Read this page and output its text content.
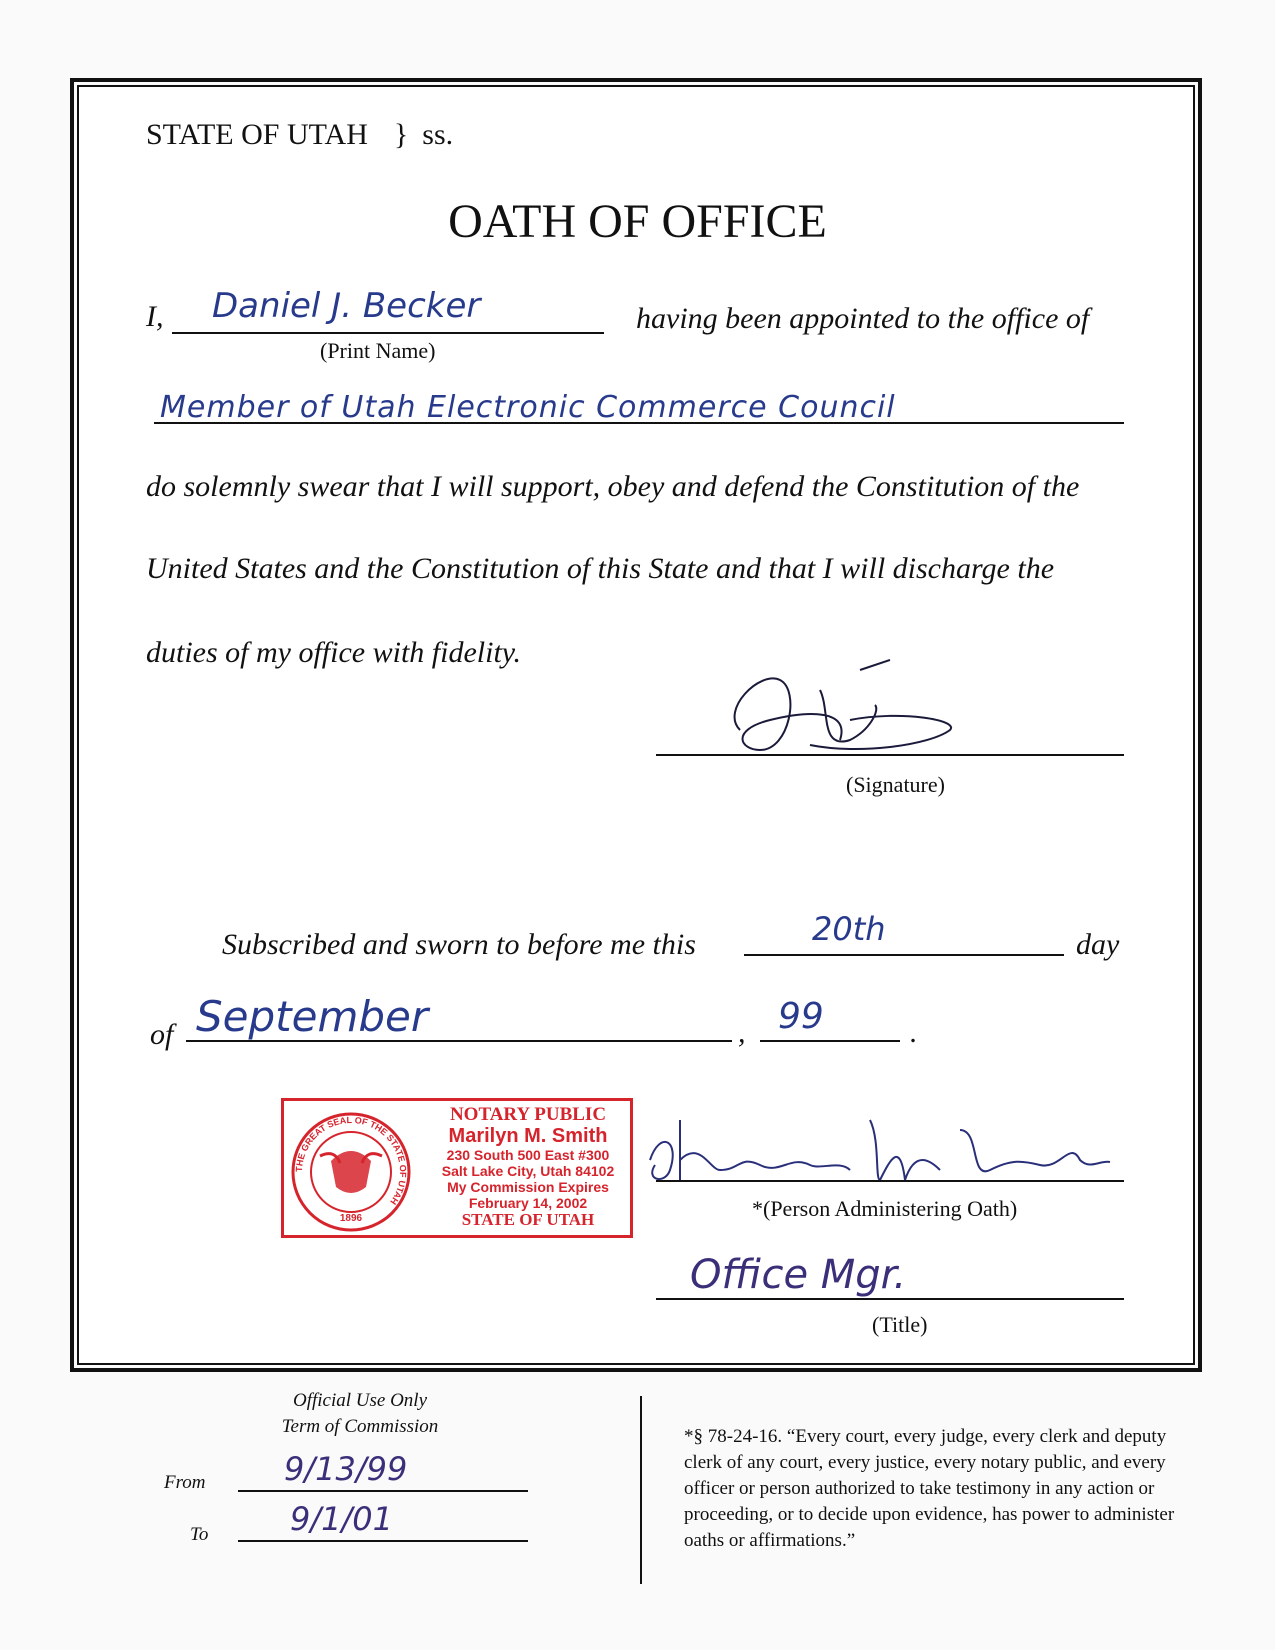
STATE OF UTAH } ss.
OATH OF OFFICE
I, Daniel J. Becker
(Print Name)
having been appointed to the office of
Member of Utah Electronic Commerce Council
do solemnly swear that I will support, obey and defend the Constitution of the
United States and the Constitution of this State and that I will discharge the
duties of my office with fidelity.
(Signature)
Subscribed and sworn to before me this	20th	day
of September	, 99	.
THE GREAT SEAL OF THE STATE OF UTAH
1896
NOTARY PUBLIC
Marilyn M. Smith
230 South 500 East #300
Salt Lake City, Utah 84102
My Commission Expires
February 14, 2002
STATE OF UTAH	*(Person Administering Oath)
Office Mgr.
(Title)
Official Use Only
Term of Commission
From 9/13/99
To	9/1/01
*§ 78-24-16. “Every court, every judge, every clerk and deputy clerk of any court, every justice, every notary public, and every officer or person authorized to take testimony in any action or proceeding, or to decide upon evidence, has power to administer oaths or affirmations.”
